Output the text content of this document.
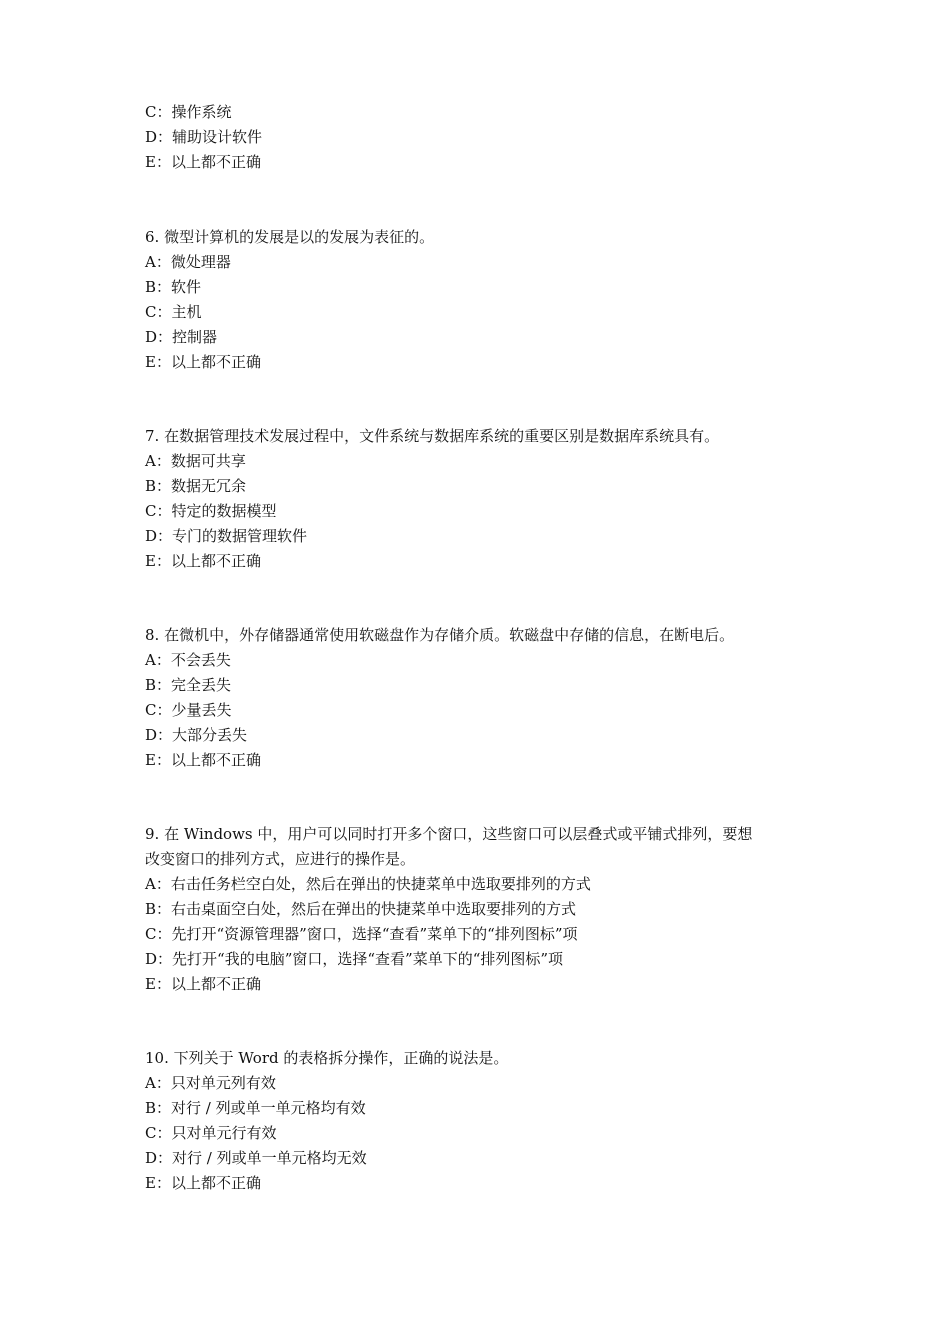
C：操作系统
D：辅助设计软件
E：以上都不正确
6. 微型计算机的发展是以的发展为表征的。
A：微处理器
B：软件
C：主机
D：控制器
E：以上都不正确
7. 在数据管理技术发展过程中，文件系统与数据库系统的重要区别是数据库系统具有。
A：数据可共享
B：数据无冗余
C：特定的数据模型
D：专门的数据管理软件
E：以上都不正确
8. 在微机中，外存储器通常使用软磁盘作为存储介质。软磁盘中存储的信息，在断电后。
A：不会丢失
B：完全丢失
C：少量丢失
D：大部分丢失
E：以上都不正确
9. 在 Windows 中，用户可以同时打开多个窗口，这些窗口可以层叠式或平铺式排列，要想
改变窗口的排列方式，应进行的操作是。
A：右击任务栏空白处，然后在弹出的快捷菜单中选取要排列的方式
B：右击桌面空白处，然后在弹出的快捷菜单中选取要排列的方式
C：先打开“资源管理器”窗口，选择“查看”菜单下的“排列图标”项
D：先打开“我的电脑”窗口，选择“查看”菜单下的“排列图标”项
E：以上都不正确
10. 下列关于 Word 的表格拆分操作，正确的说法是。
A：只对单元列有效
B：对行 / 列或单一单元格均有效
C：只对单元行有效
D：对行 / 列或单一单元格均无效
E：以上都不正确
